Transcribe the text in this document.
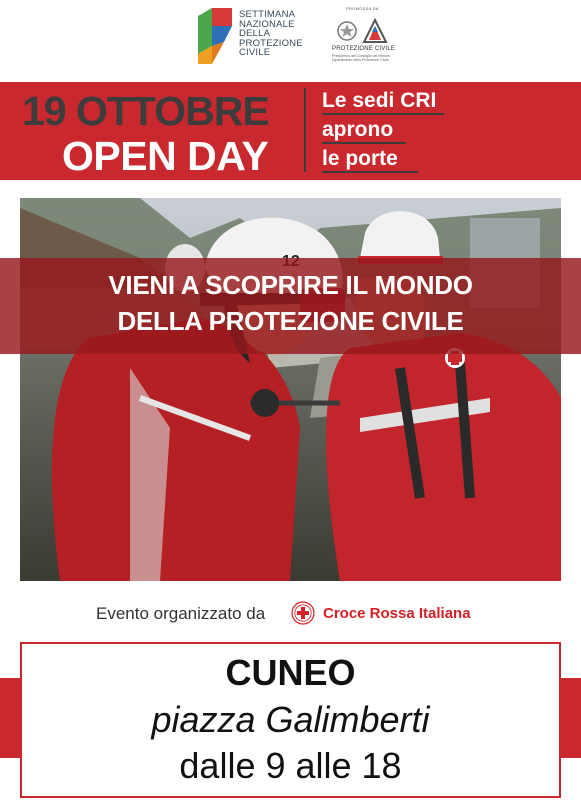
SETTIMANA
NAZIONALE
DELLA
PROTEZIONE
CIVILE
PROMOSSA DA
PROTEZIONE CIVILE
Presidenza del Consiglio dei Ministri Dipartimento della Protezione Civile
19 OTTOBRE
OPEN DAY
Le sedi CRI
aprono
le porte
VIENI A SCOPRIRE IL MONDO
DELLA PROTEZIONE CIVILE
Evento organizzato da	Croce Rossa Italiana
CUNEO
piazza Galimberti
dalle 9 alle 18
